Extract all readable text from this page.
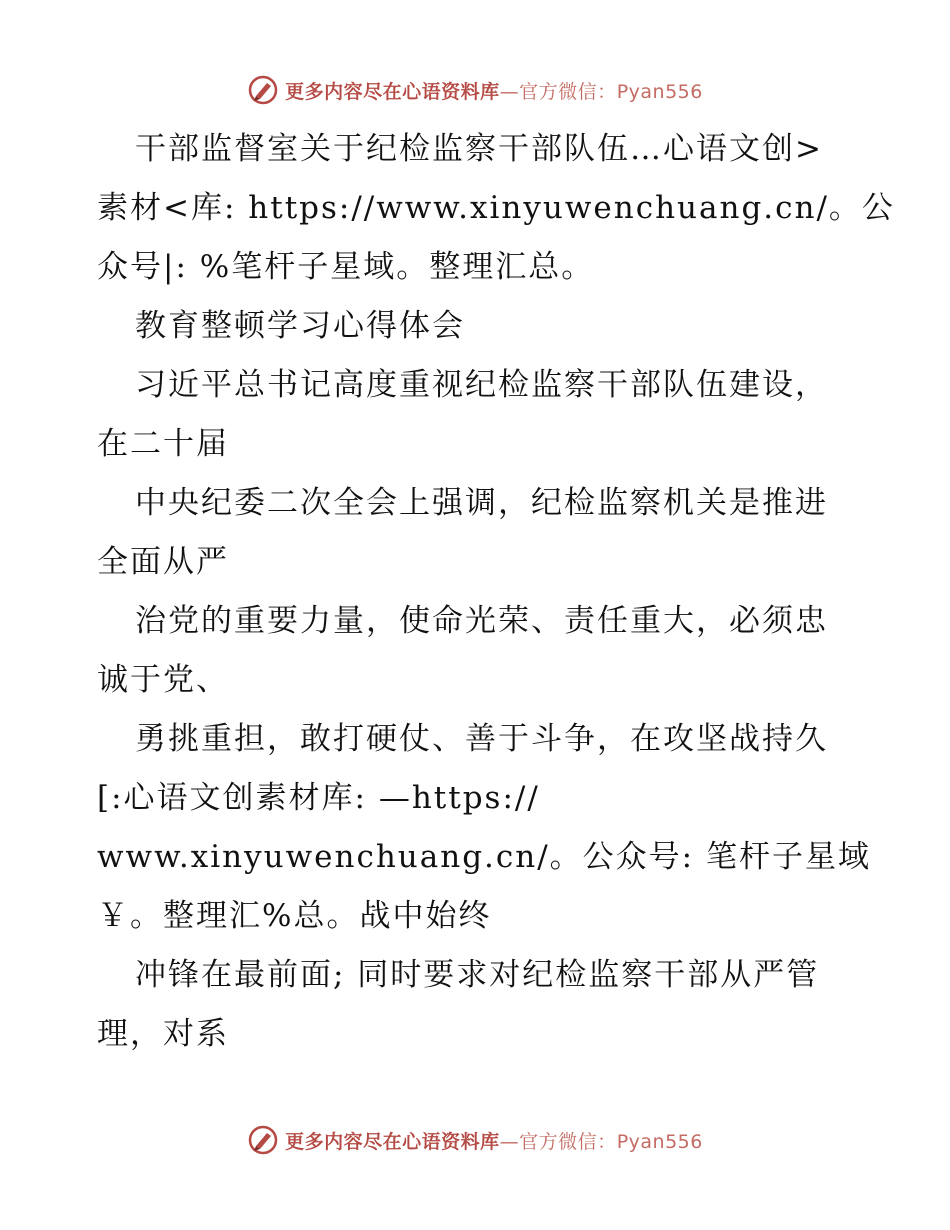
更多内容尽在心语资料库—官方微信：Pyan556
干部监督室关于纪检监察干部队伍…心语文创>
素材<库: https://www.xinyuwenchuang.cn/。公
众号|: %笔杆子星域。整理汇总。
教育整顿学习心得体会
习近平总书记高度重视纪检监察干部队伍建设，
在二十届
中央纪委二次全会上强调，纪检监察机关是推进
全面从严
治党的重要力量，使命光荣、责任重大，必须忠
诚于党、
勇挑重担，敢打硬仗、善于斗争，在攻坚战持久
[:心语文创素材库: —https://
www.xinyuwenchuang.cn/。公众号: 笔杆子星域
￥。整理汇%总。战中始终
冲锋在最前面; 同时要求对纪检监察干部从严管
理，对系
更多内容尽在心语资料库—官方微信：Pyan556
